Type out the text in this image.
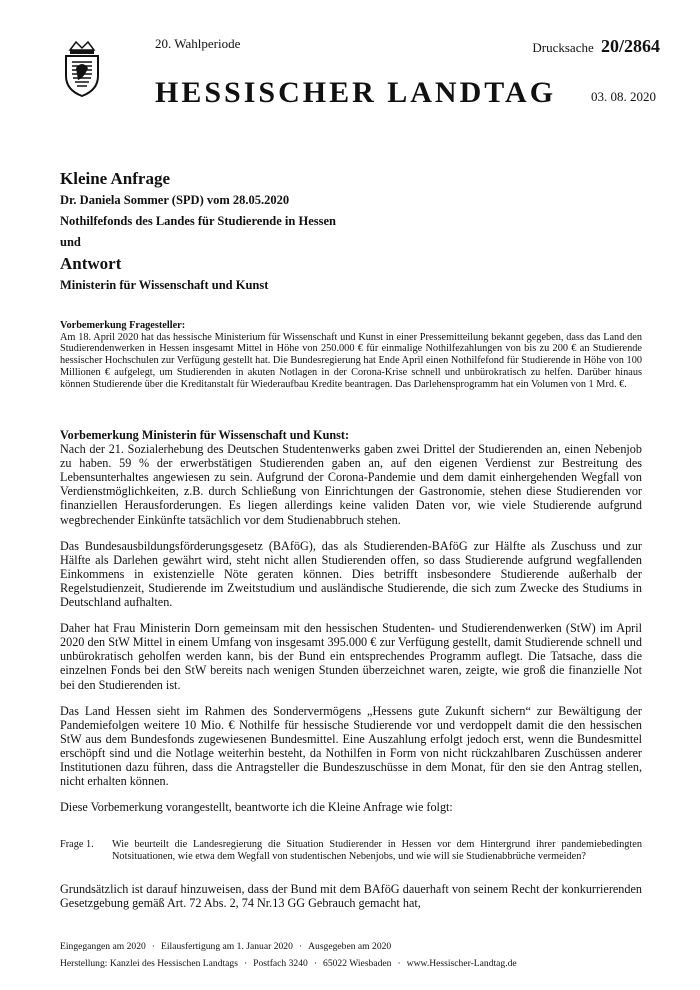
20. Wahlperiode	Drucksache 20/2864
HESSISCHER LANDTAG	03. 08. 2020

Kleine Anfrage

Dr. Daniela Sommer (SPD) vom 28.05.2020

Nothilfefonds des Landes für Studierende in Hessen

und

Antwort

Ministerin für Wissenschaft und Kunst

Vorbemerkung Fragesteller:

Am 18. April 2020 hat das hessische Ministerium für Wissenschaft und Kunst in einer Pressemitteilung bekannt gegeben, dass das Land den Studierendenwerken in Hessen insgesamt Mittel in Höhe von 250.000 € für einmalige Nothilfezahlungen von bis zu 200 € an Studierende hessischer Hochschulen zur Verfügung gestellt hat. Die Bundesregierung hat Ende April einen Nothilfefond für Studierende in Höhe von 100 Millionen € aufgelegt, um Studierenden in akuten Notlagen in der Corona-Krise schnell und unbürokratisch zu helfen. Darüber hinaus können Studierende über die Kreditanstalt für Wiederaufbau Kredite beantragen. Das Darlehensprogramm hat ein Volumen von 1 Mrd. €.

Vorbemerkung Ministerin für Wissenschaft und Kunst:

Nach der 21. Sozialerhebung des Deutschen Studentenwerks gaben zwei Drittel der Studierenden an, einen Nebenjob zu haben. 59 % der erwerbstätigen Studierenden gaben an, auf den eigenen Verdienst zur Bestreitung des Lebensunterhaltes angewiesen zu sein. Aufgrund der Corona-Pandemie und dem damit einhergehenden Wegfall von Verdienstmöglichkeiten, z.B. durch Schließung von Einrichtungen der Gastronomie, stehen diese Studierenden vor finanziellen Herausforderungen. Es liegen allerdings keine validen Daten vor, wie viele Studierende aufgrund wegbrechender Einkünfte tatsächlich vor dem Studienabbruch stehen.

Das Bundesausbildungsförderungsgesetz (BAföG), das als Studierenden-BAföG zur Hälfte als Zuschuss und zur Hälfte als Darlehen gewährt wird, steht nicht allen Studierenden offen, so dass Studierende aufgrund wegfallenden Einkommens in existenzielle Nöte geraten können. Dies betrifft insbesondere Studierende außerhalb der Regelstudienzeit, Studierende im Zweitstudium und ausländische Studierende, die sich zum Zwecke des Studiums in Deutschland aufhalten.

Daher hat Frau Ministerin Dorn gemeinsam mit den hessischen Studenten- und Studierendenwerken (StW) im April 2020 den StW Mittel in einem Umfang von insgesamt 395.000 € zur Verfügung gestellt, damit Studierende schnell und unbürokratisch geholfen werden kann, bis der Bund ein entsprechendes Programm auflegt. Die Tatsache, dass die einzelnen Fonds bei den StW bereits nach wenigen Stunden überzeichnet waren, zeigte, wie groß die finanzielle Not bei den Studierenden ist.

Das Land Hessen sieht im Rahmen des Sondervermögens „Hessens gute Zukunft sichern“ zur Bewältigung der Pandemiefolgen weitere 10 Mio. € Nothilfe für hessische Studierende vor und verdoppelt damit die den hessischen StW aus dem Bundesfonds zugewiesenen Bundesmittel. Eine Auszahlung erfolgt jedoch erst, wenn die Bundesmittel erschöpft sind und die Notlage weiterhin besteht, da Nothilfen in Form von nicht rückzahlbaren Zuschüssen anderer Institutionen dazu führen, dass die Antragsteller die Bundeszuschüsse in dem Monat, für den sie den Antrag stellen, nicht erhalten können.

Diese Vorbemerkung vorangestellt, beantworte ich die Kleine Anfrage wie folgt:

Frage 1.	Wie beurteilt die Landesregierung die Situation Studierender in Hessen vor dem Hintergrund ihrer pandemiebedingten Notsituationen, wie etwa dem Wegfall von studentischen Nebenjobs, und wie will sie Studienabbrüche vermeiden?

Grundsätzlich ist darauf hinzuweisen, dass der Bund mit dem BAföG dauerhaft von seinem Recht der konkurrierenden Gesetzgebung gemäß Art. 72 Abs. 2, 74 Nr.13 GG Gebrauch gemacht hat,

Eingegangen am 2020 · Eilausfertigung am 1. Januar 2020 · Ausgegeben am 2020
Herstellung: Kanzlei des Hessischen Landtags · Postfach 3240 · 65022 Wiesbaden · www.Hessischer-Landtag.de
